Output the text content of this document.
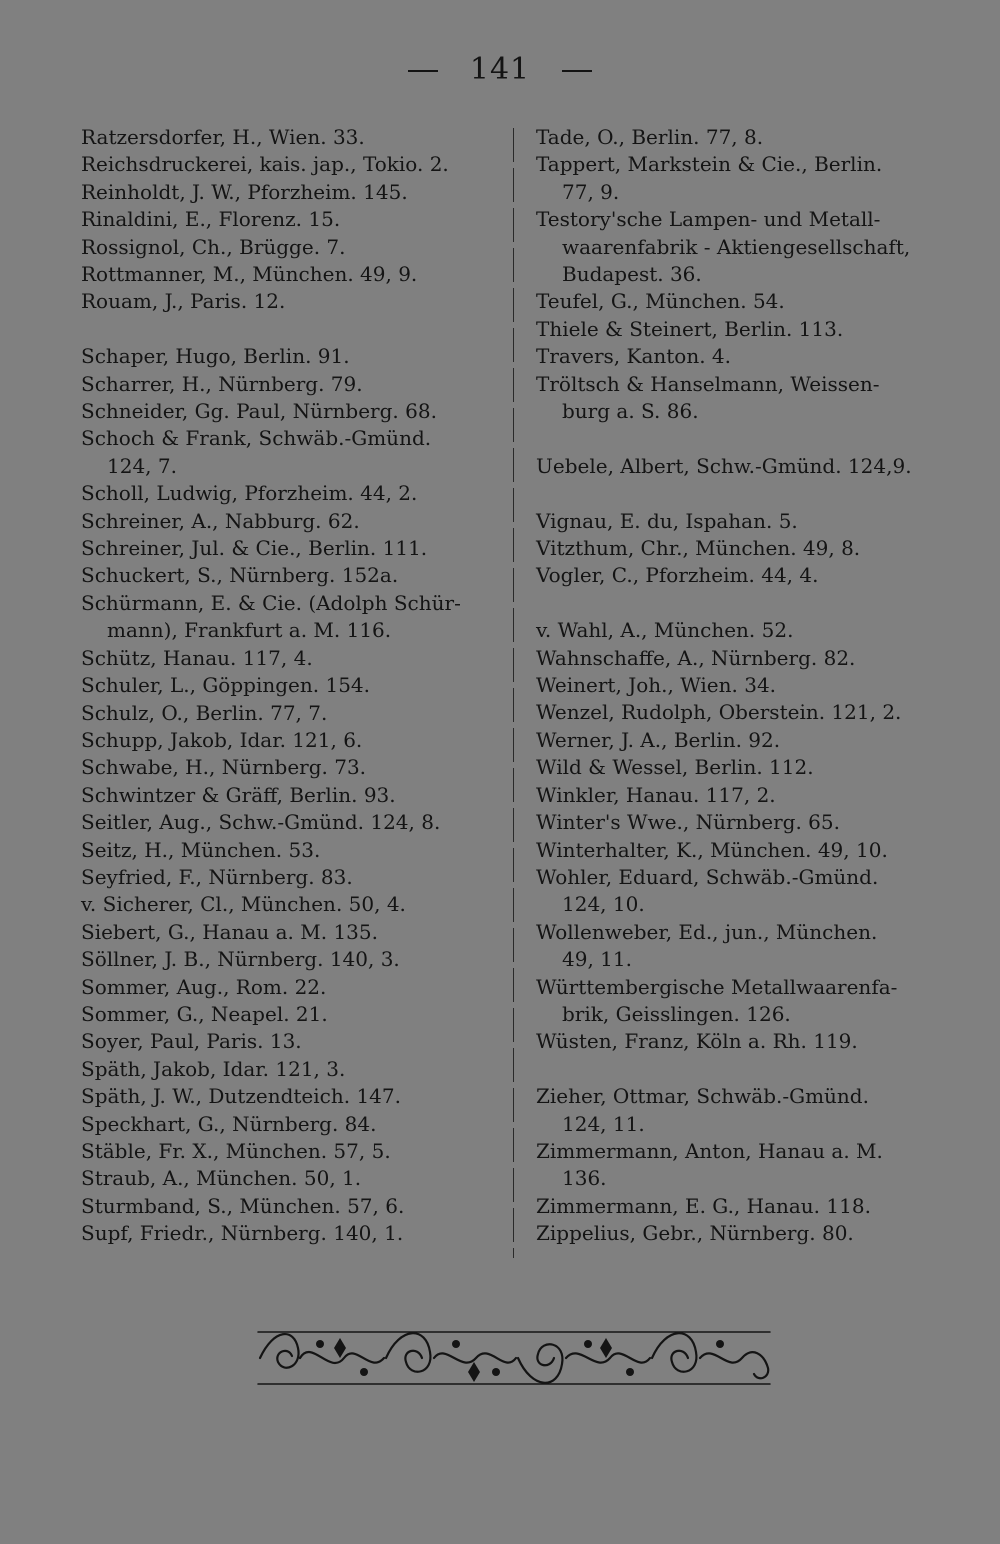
141
Ratzersdorfer, H., Wien. 33.
Reichsdruckerei, kais. jap., Tokio. 2.
Reinholdt, J. W., Pforzheim. 145.
Rinaldini, E., Florenz. 15.
Rossignol, Ch., Brügge. 7.
Rottmanner, M., München. 49, 9.
Rouam, J., Paris. 12.
Schaper, Hugo, Berlin. 91.
Scharrer, H., Nürnberg. 79.
Schneider, Gg. Paul, Nürnberg. 68.
Schoch & Frank, Schwäb.-Gmünd.
124, 7.
Scholl, Ludwig, Pforzheim. 44, 2.
Schreiner, A., Nabburg. 62.
Schreiner, Jul. & Cie., Berlin. 111.
Schuckert, S., Nürnberg. 152a.
Schürmann, E. & Cie. (Adolph Schür-
mann), Frankfurt a. M. 116.
Schütz, Hanau. 117, 4.
Schuler, L., Göppingen. 154.
Schulz, O., Berlin. 77, 7.
Schupp, Jakob, Idar. 121, 6.
Schwabe, H., Nürnberg. 73.
Schwintzer & Gräff, Berlin. 93.
Seitler, Aug., Schw.-Gmünd. 124, 8.
Seitz, H., München. 53.
Seyfried, F., Nürnberg. 83.
v. Sicherer, Cl., München. 50, 4.
Siebert, G., Hanau a. M. 135.
Söllner, J. B., Nürnberg. 140, 3.
Sommer, Aug., Rom. 22.
Sommer, G., Neapel. 21.
Soyer, Paul, Paris. 13.
Späth, Jakob, Idar. 121, 3.
Späth, J. W., Dutzendteich. 147.
Speckhart, G., Nürnberg. 84.
Stäble, Fr. X., München. 57, 5.
Straub, A., München. 50, 1.
Sturmband, S., München. 57, 6.
Supf, Friedr., Nürnberg. 140, 1.
Tade, O., Berlin. 77, 8.
Tappert, Markstein & Cie., Berlin.
77, 9.
Testory'sche Lampen- und Metall-
waarenfabrik - Aktiengesellschaft,
Budapest. 36.
Teufel, G., München. 54.
Thiele & Steinert, Berlin. 113.
Travers, Kanton. 4.
Tröltsch & Hanselmann, Weissen-
burg a. S. 86.
Uebele, Albert, Schw.-Gmünd. 124,9.
Vignau, E. du, Ispahan. 5.
Vitzthum, Chr., München. 49, 8.
Vogler, C., Pforzheim. 44, 4.
v. Wahl, A., München. 52.
Wahnschaffe, A., Nürnberg. 82.
Weinert, Joh., Wien. 34.
Wenzel, Rudolph, Oberstein. 121, 2.
Werner, J. A., Berlin. 92.
Wild & Wessel, Berlin. 112.
Winkler, Hanau. 117, 2.
Winter's Wwe., Nürnberg. 65.
Winterhalter, K., München. 49, 10.
Wohler, Eduard, Schwäb.-Gmünd.
124, 10.
Wollenweber, Ed., jun., München.
49, 11.
Württembergische Metallwaarenfa-
brik, Geisslingen. 126.
Wüsten, Franz, Köln a. Rh. 119.
Zieher, Ottmar, Schwäb.-Gmünd.
124, 11.
Zimmermann, Anton, Hanau a. M.
136.
Zimmermann, E. G., Hanau. 118.
Zippelius, Gebr., Nürnberg. 80.
